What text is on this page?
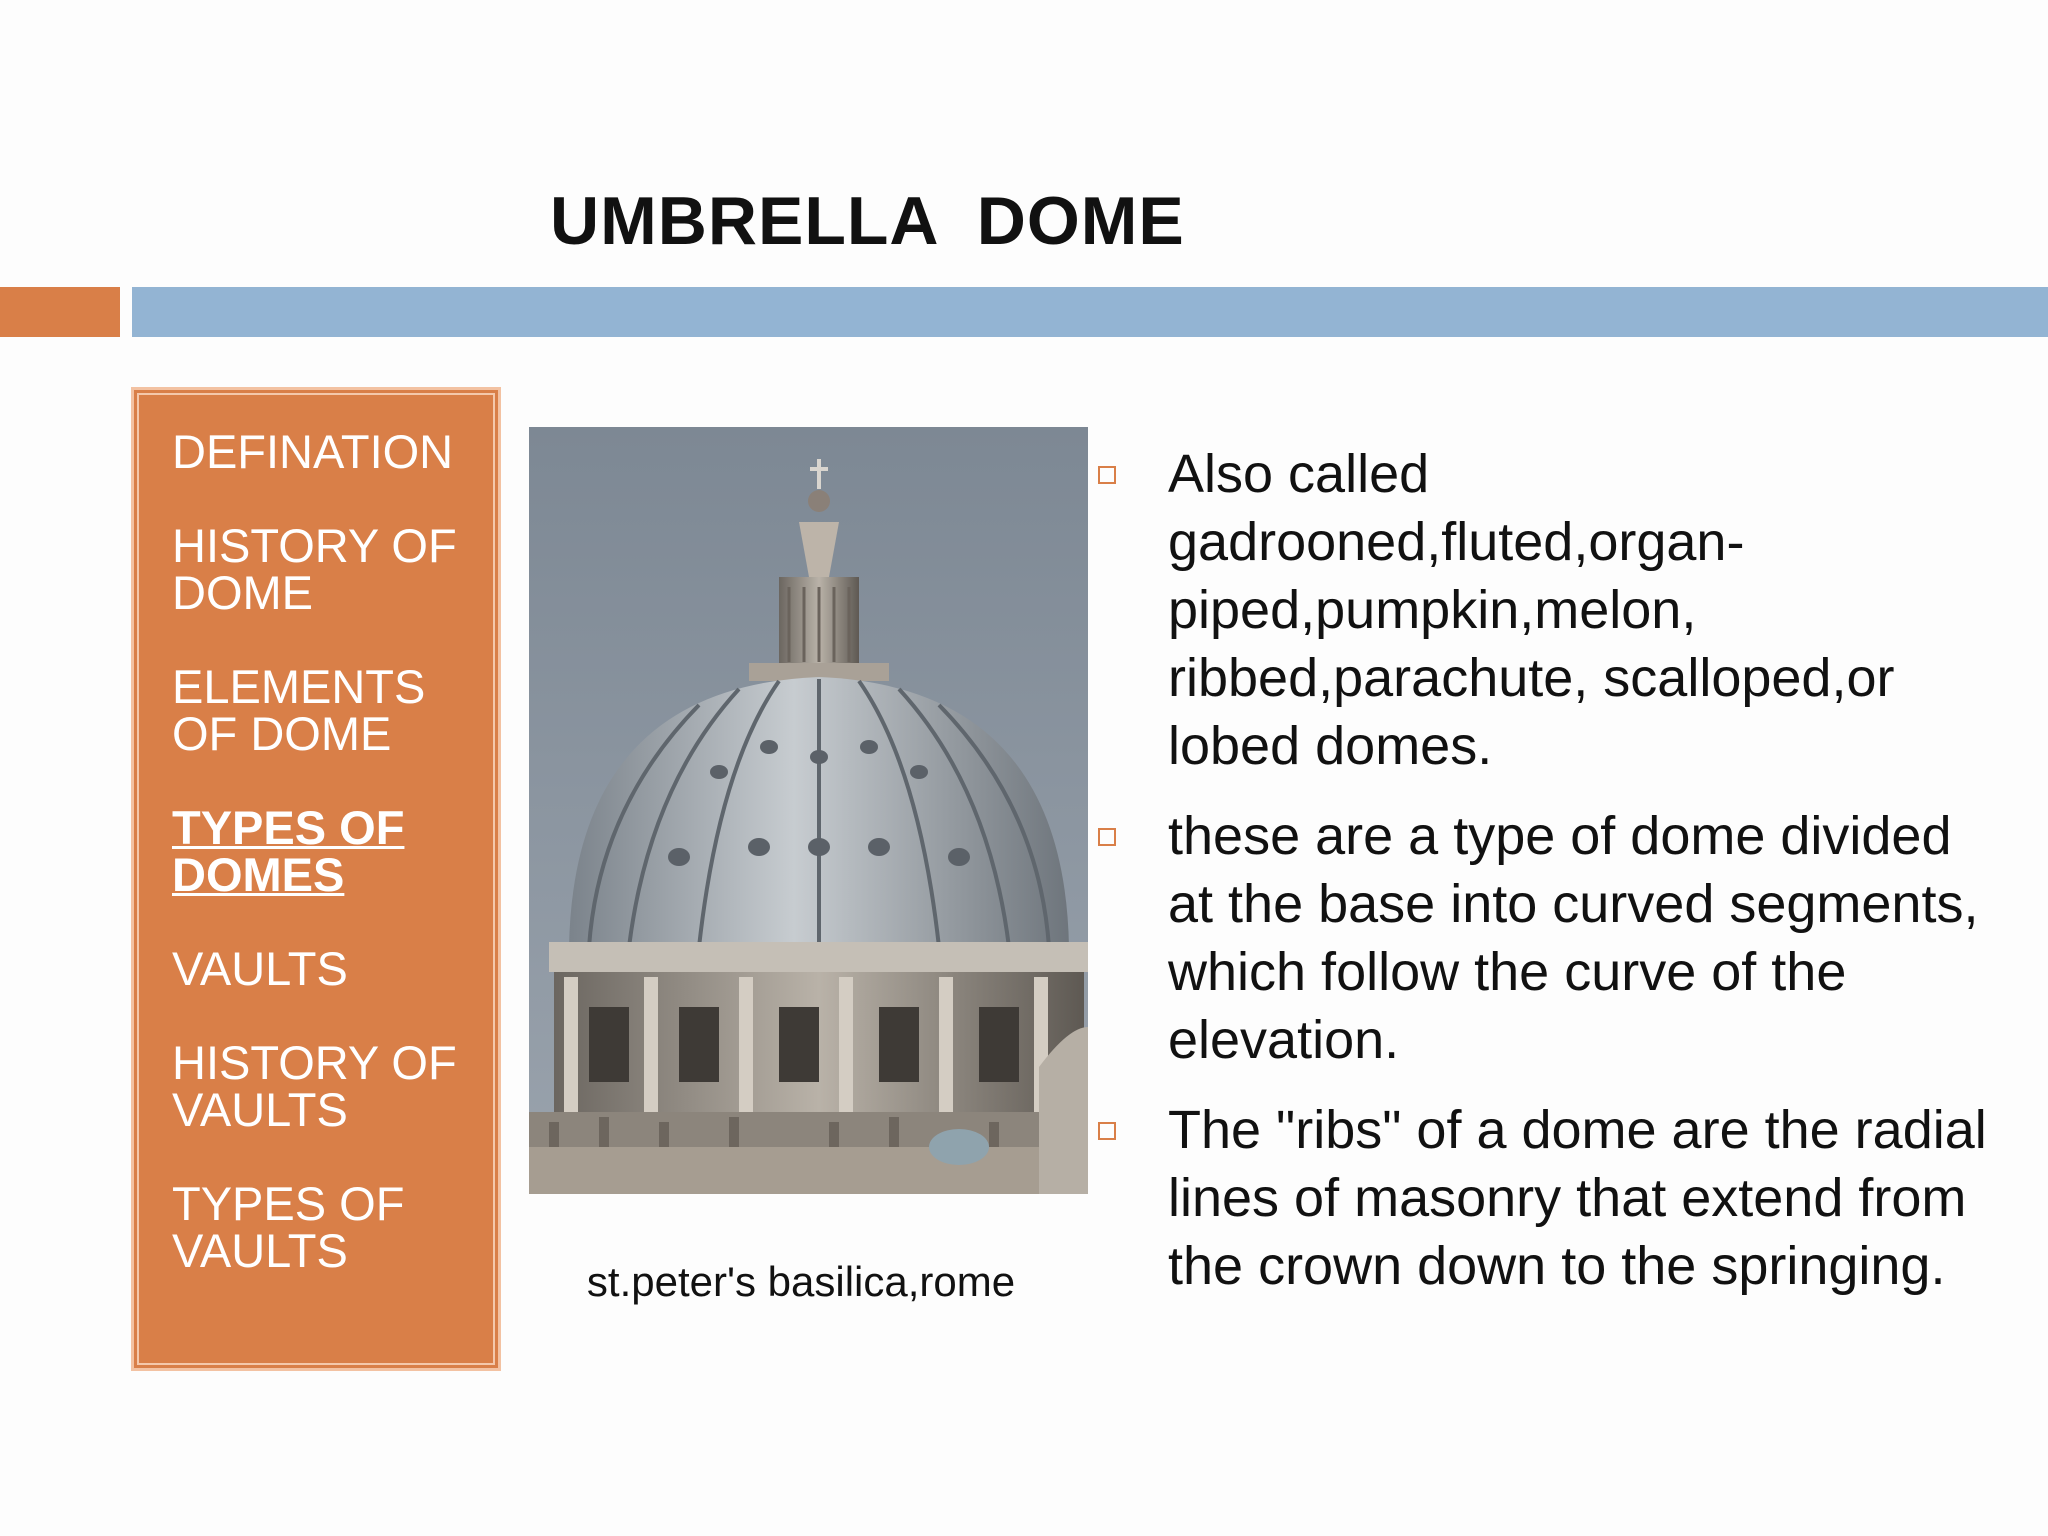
UMBRELLA  DOME
DEFINATION
HISTORY OF
DOME
ELEMENTS
OF DOME
TYPES OF
DOMES
VAULTS
HISTORY OF
VAULTS
TYPES OF
VAULTS
st.peter's basilica,rome
Also called gadrooned,fluted,organ-piped,pumpkin,melon, ribbed,parachute, scalloped,or lobed domes.
these are a type of dome divided at the base into curved segments, which follow the curve of the elevation.
The "ribs" of a dome are the radial lines of masonry that extend from the crown down to the springing.
